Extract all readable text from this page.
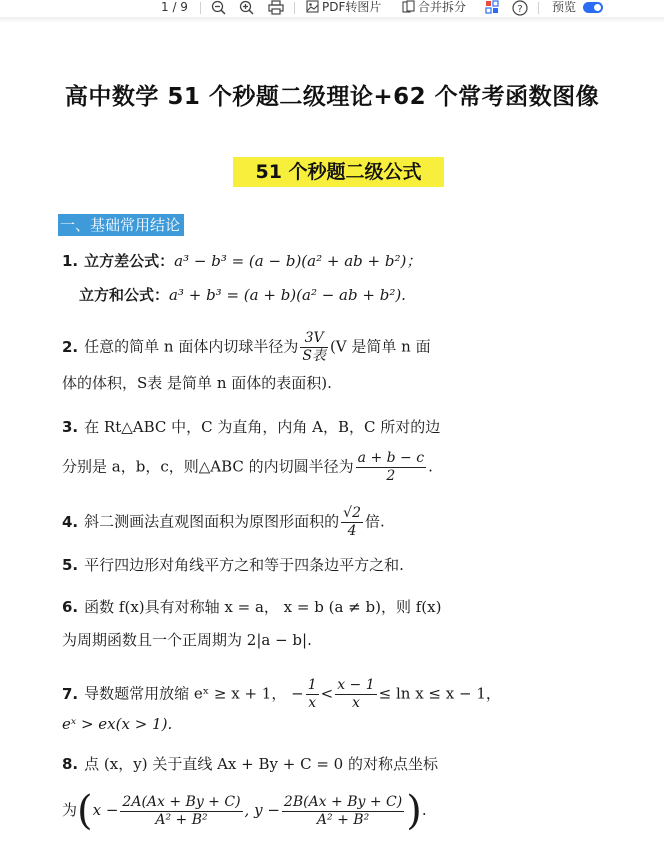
1 / 9	PDF转图片	合并拆分	? 预览
高中数学 51 个秒题二级理论+62 个常考函数图像
51 个秒题二级公式
一、基础常用结论
1. 立方差公式：a³ − b³ = (a − b)(a² + ab + b²)；
立方和公式：a³ + b³ = (a + b)(a² − ab + b²).
2. 任意的简单 n 面体内切球半径为 $\frac{3V}{\text{S表}} (V$ 是简单 n 面
体的体积，S表 是简单 n 面体的表面积).
3. 在 Rt△ABC 中，C 为直角，内角 A，B，C 所对的边
分别是 a，b，c，则△ABC 的内切圆半径为 $\frac{a + b - c}{2}$ .
4. 斜二测画法直观图面积为原图形面积的 $\frac{√2}{4}$ 倍.
5. 平行四边形对角线平方之和等于四条边平方之和.
6. 函数 f(x)具有对称轴 x = a， x = b (a ≠ b)，则 f(x)
为周期函数且一个正周期为 2|a − b|.
7. 导数题常用放缩 eˣ ≥ x + 1， − $\frac{1}{x} < \frac{x - 1}{x} \le \ln x \le x - 1$，
eˣ > ex(x > 1).
8. 点 (x，y) 关于直线 Ax + By + C = 0 的对称点坐标
为($x - \frac{2A(Ax + By + C)}{\text{A² + B²}}$ , $y - \frac{2B(Ax + By + C)}{\text{A² + B²}}$ ).
